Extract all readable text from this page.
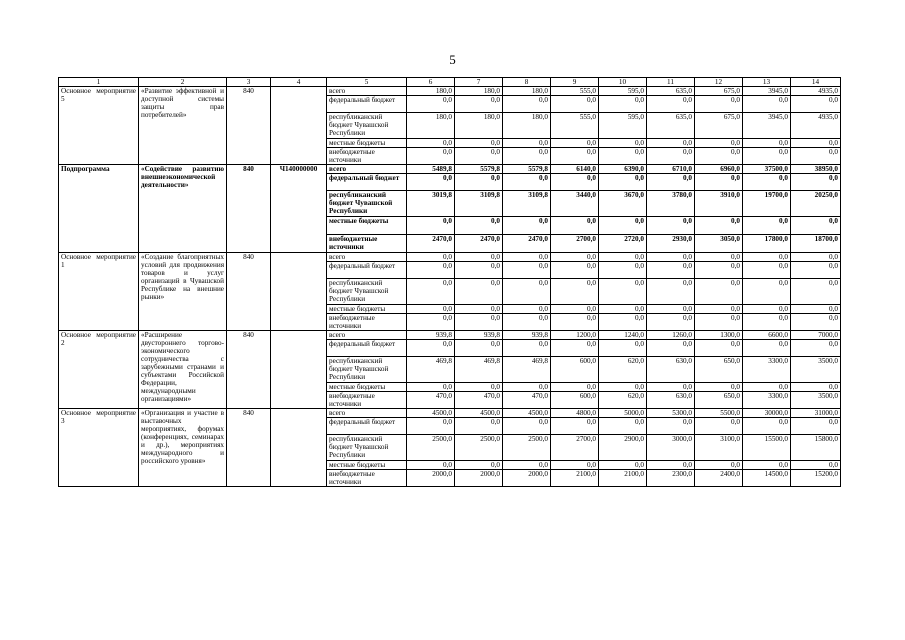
5
1	2	3	4	5	6	7	8	9	10	11	12	13	14
Основное мероприятие 5	«Развитие эффективной и доступной системы защиты прав потребителей»	840		всего	180,0	180,0	180,0	555,0	595,0	635,0	675,0	3945,0	4935,0
				федеральный бюджет	0,0	0,0	0,0	0,0	0,0	0,0	0,0	0,0	0,0
				республиканский бюджет Чувашской Республики	180,0	180,0	180,0	555,0	595,0	635,0	675,0	3945,0	4935,0
				местные бюджеты	0,0	0,0	0,0	0,0	0,0	0,0	0,0	0,0	0,0
				внебюджетные источники	0,0	0,0	0,0	0,0	0,0	0,0	0,0	0,0	0,0
Подпрограмма	«Содействие развитию внешнеэкономической деятельности»	840	Ч140000000	всего	5489,8	5579,8	5579,8	6140,0	6390,0	6710,0	6960,0	37500,0	38950,0
				федеральный бюджет	0,0	0,0	0,0	0,0	0,0	0,0	0,0	0,0	0,0
				республиканский бюджет Чувашской Республики	3019,8	3109,8	3109,8	3440,0	3670,0	3780,0	3910,0	19700,0	20250,0
				местные бюджеты	0,0	0,0	0,0	0,0	0,0	0,0	0,0	0,0	0,0
				внебюджетные источники	2470,0	2470,0	2470,0	2700,0	2720,0	2930,0	3050,0	17800,0	18700,0
Основное мероприятие 1	«Создание благоприятных условий для продвижения товаров и услуг организаций в Чувашской Республике на внешние рынки»	840		всего	0,0	0,0	0,0	0,0	0,0	0,0	0,0	0,0	0,0
				федеральный бюджет	0,0	0,0	0,0	0,0	0,0	0,0	0,0	0,0	0,0
				республиканский бюджет Чувашской Республики	0,0	0,0	0,0	0,0	0,0	0,0	0,0	0,0	0,0
				местные бюджеты	0,0	0,0	0,0	0,0	0,0	0,0	0,0	0,0	0,0
				внебюджетные источники	0,0	0,0	0,0	0,0	0,0	0,0	0,0	0,0	0,0
Основное мероприятие 2	«Расширение двустороннего торгово-экономического сотрудничества с зарубежными странами и субъектами Российской Федерации, международными организациями»	840		всего	939,8	939,8	939,8	1200,0	1240,0	1260,0	1300,0	6600,0	7000,0
				федеральный бюджет	0,0	0,0	0,0	0,0	0,0	0,0	0,0	0,0	0,0
				республиканский бюджет Чувашской Республики	469,8	469,8	469,8	600,0	620,0	630,0	650,0	3300,0	3500,0
				местные бюджеты	0,0	0,0	0,0	0,0	0,0	0,0	0,0	0,0	0,0
				внебюджетные источники	470,0	470,0	470,0	600,0	620,0	630,0	650,0	3300,0	3500,0
Основное мероприятие 3	«Организация и участие в выставочных мероприятиях, форумах (конференциях, семинарах и др.), мероприятиях международного и российского уровня»	840		всего	4500,0	4500,0	4500,0	4800,0	5000,0	5300,0	5500,0	30000,0	31000,0
				федеральный бюджет	0,0	0,0	0,0	0,0	0,0	0,0	0,0	0,0	0,0
				республиканский бюджет Чувашской Республики	2500,0	2500,0	2500,0	2700,0	2900,0	3000,0	3100,0	15500,0	15800,0
				местные бюджеты	0,0	0,0	0,0	0,0	0,0	0,0	0,0	0,0	0,0
				внебюджетные источники	2000,0	2000,0	2000,0	2100,0	2100,0	2300,0	2400,0	14500,0	15200,0
